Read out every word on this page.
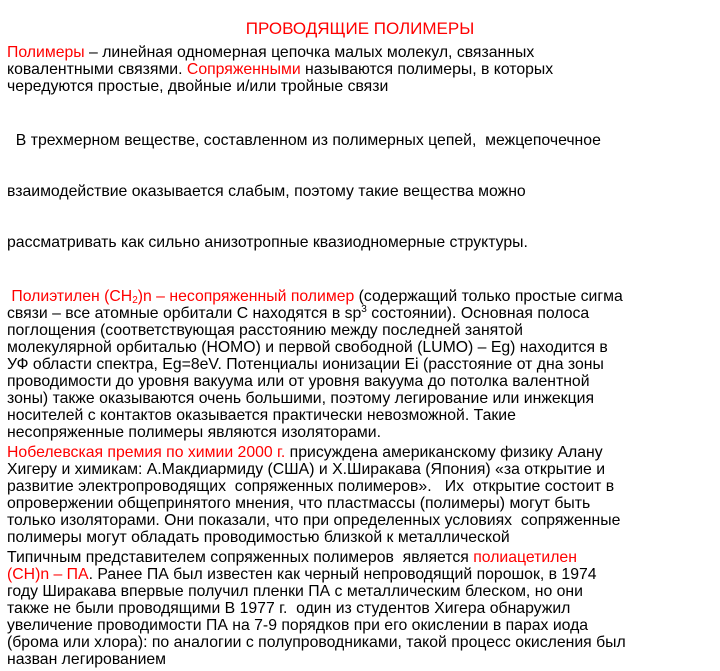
ПРОВОДЯЩИЕ ПОЛИМЕРЫ
Полимеры – линейная одномерная цепочка малых молекул, связанных
ковалентными связями. Сопряженными называются полимеры, в которых
чередуются простые, двойные и/или тройные связи

В трехмерном веществе, составленном из полимерных цепей,  межцепочечное

взаимодействие оказывается слабым, поэтому такие вещества можно

рассматривать как сильно анизотропные квазиодномерные структуры.

Полиэтилен $(CH_2)n$ – несопряженный полимер (содержащий только простые сигма
связи – все атомные орбитали С находятся в $sp^3$ состоянии). Основная полоса
поглощения (соответствующая расстоянию между последней занятой
молекулярной орбиталью (HOMO) и первой свободной (LUMO) – Eg) находится в
УФ области спектра, Eg=8eV. Потенциалы ионизации Ei (расстояние от дна зоны
проводимости до уровня вакуума или от уровня вакуума до потолка валентной
зоны) также оказываются очень большими, поэтому легирование или инжекция
носителей с контактов оказывается практически невозможной. Такие
несопряженные полимеры являются изоляторами.
Нобелевская премия по химии 2000 г. присуждена американскому физику Алану
Хигеру и химикам: А.Макдиармиду (США) и Х.Ширакава (Япония) «за открытие и
развитие электропроводящих  сопряженных полимеров».   Их  открытие состоит в
опровержении общепринятого мнения, что пластмассы (полимеры) могут быть
только изоляторами. Они показали, что при определенных условиях  сопряженные
полимеры могут обладать проводимостью близкой к металлической
Типичным представителем сопряженных полимеров  является полиацетилен
(CH)n – ПА. Ранее ПА был известен как черный непроводящий порошок, в 1974
году Ширакава впервые получил пленки ПА с металлическим блеском, но они
также не были проводящими В 1977 г.  один из студентов Хигера обнаружил
увеличение проводимости ПА на 7-9 порядков при его окислении в парах иода
(брома или хлора): по аналогии с полупроводниками, такой процесс окисления был
назван легированием
